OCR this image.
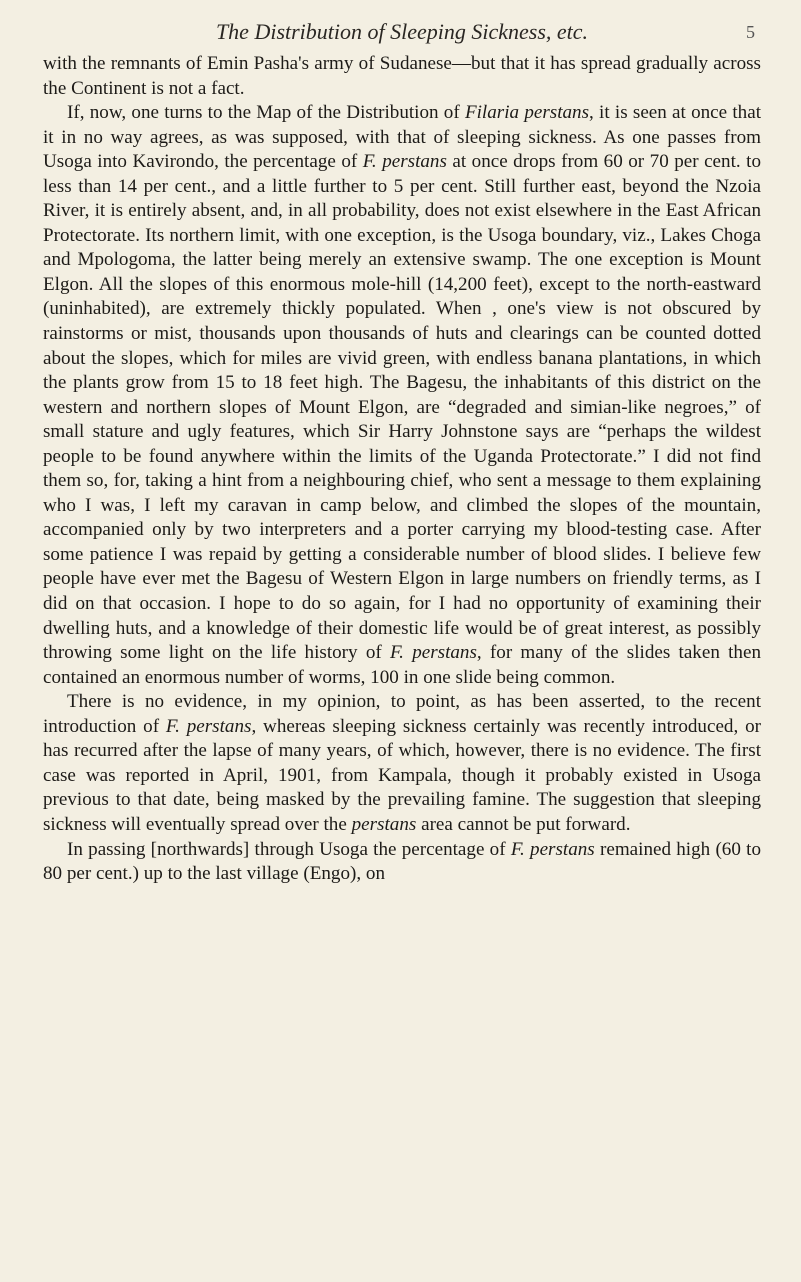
The Distribution of Sleeping Sickness, etc.	5

with the remnants of Emin Pasha's army of Sudanese—but that it has spread gradually across the Continent is not a fact.

If, now, one turns to the Map of the Distribution of Filaria perstans, it is seen at once that it in no way agrees, as was supposed, with that of sleeping sickness. As one passes from Usoga into Kavirondo, the percentage of F. perstans at once drops from 60 or 70 per cent. to less than 14 per cent., and a little further to 5 per cent. Still further east, beyond the Nzoia River, it is entirely absent, and, in all probability, does not exist elsewhere in the East African Protectorate. Its northern limit, with one exception, is the Usoga boundary, viz., Lakes Choga and Mpologoma, the latter being merely an extensive swamp. The one exception is Mount Elgon. All the slopes of this enormous mole-hill (14,200 feet), except to the north-eastward (uninhabited), are extremely thickly populated. When , one's view is not obscured by rainstorms or mist, thousands upon thousands of huts and clearings can be counted dotted about the slopes, which for miles are vivid green, with endless banana plantations, in which the plants grow from 15 to 18 feet high. The Bagesu, the inhabitants of this district on the western and northern slopes of Mount Elgon, are “degraded and simian-like negroes,” of small stature and ugly features, which Sir Harry Johnstone says are “perhaps the wildest people to be found anywhere within the limits of the Uganda Protectorate.” I did not find them so, for, taking a hint from a neighbouring chief, who sent a message to them explaining who I was, I left my caravan in camp below, and climbed the slopes of the mountain, accompanied only by two interpreters and a porter carrying my blood-testing case. After some patience I was repaid by getting a considerable number of blood slides. I believe few people have ever met the Bagesu of Western Elgon in large numbers on friendly terms, as I did on that occasion. I hope to do so again, for I had no opportunity of examining their dwelling huts, and a knowledge of their domestic life would be of great interest, as possibly throwing some light on the life history of F. perstans, for many of the slides taken then contained an enormous number of worms, 100 in one slide being common.

There is no evidence, in my opinion, to point, as has been asserted, to the recent introduction of F. perstans, whereas sleeping sickness certainly was recently introduced, or has recurred after the lapse of many years, of which, however, there is no evidence. The first case was reported in April, 1901, from Kampala, though it probably existed in Usoga previous to that date, being masked by the prevailing famine. The suggestion that sleeping sickness will eventually spread over the perstans area cannot be put forward.

In passing [northwards] through Usoga the percentage of F. perstans remained high (60 to 80 per cent.) up to the last village (Engo), on
